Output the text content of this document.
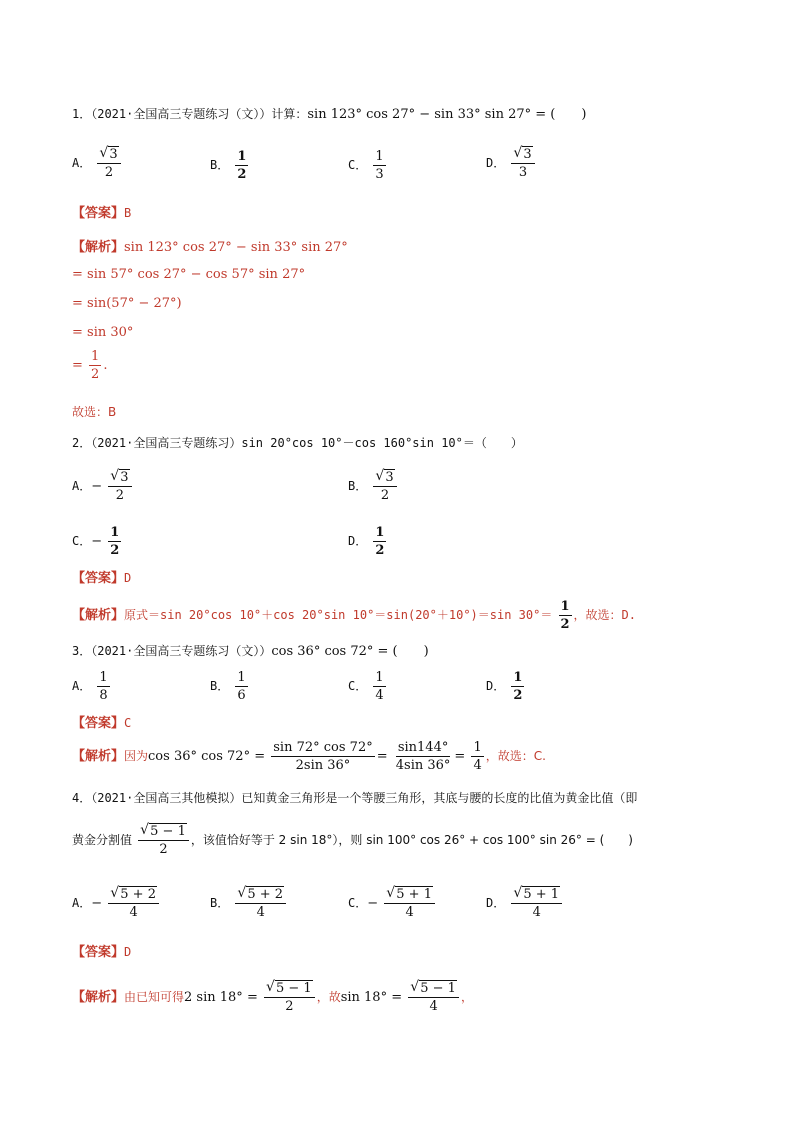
1．（2021·全国高三专题练习（文））计算：sin 123° cos 27° − sin 33° sin 27° = (　　)
A． $\frac{√ 3}{2}$	B． $\frac{1}{2}$	C． $\frac{1}{3}$	D． $\frac{√ 3}{3}$
【答案】B
【解析】sin 123° cos 27° − sin 33° sin 27°
= sin 57° cos 27° − cos 57° sin 27°
= sin(57° − 27°)
= sin 30°
= $\frac{1}{2}$ .
故选：B
2．（2021·全国高三专题练习）sin 20°cos 10°－cos 160°sin 10°＝（　　）
A．− $\frac{√ 3}{2}$	B． $\frac{√ 3}{2}$
C．− $\frac{1}{2}$	D． $\frac{1}{2}$
【答案】D
【解析】原式＝sin 20°cos 10°＋cos 20°sin 10°＝sin(20°＋10°)＝sin $30^\circ= \frac{1}{2}$ ，故选：D.
3．（2021·全国高三专题练习（文））cos 36° cos 72° = (　　)
A． $\frac{1}{8}$	B． $\frac{1}{6}$	C． $\frac{1}{4}$	D． $\frac{1}{2}$
【答案】C
【解析】因为cos 36° $\cos 72^\circ = \frac{\sin 72^\circ \cos 72^\circ}{2\sin 36^\circ} = \frac{\sin 144^\circ}{4\sin 36^\circ} = \frac{1}{4}$ ，故选：C.
4．（2021·全国高三其他模拟）已知黄金三角形是一个等腰三角形，其底与腰的长度的比值为黄金比值（即
黄金分割值 $\frac{√ 5 - 1}{2}$ ，该值恰好等于 2 sin 18°），则 sin 100° cos 26° + cos 100° sin 26° = (　　)
A．− $\frac{√ 5 + 2}{4}$	B． $\frac{√ 5 + 2}{4}$	C．− $\frac{√ 5 + 1}{4}$	D． $\frac{√ 5 + 1}{4}$
【答案】D
【解析】由已知可得2 $\sin 18^\circ = \frac{√ 5 - 1}{2}$ ，故$\sin 18^\circ = \frac{√ 5 - 1}{4}$ ，
